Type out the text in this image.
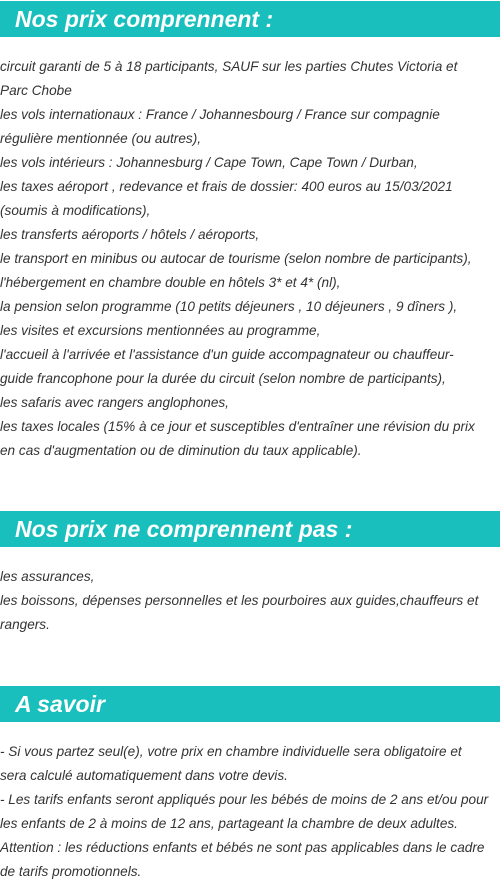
Nos prix comprennent :
circuit garanti de 5 à 18 participants, SAUF sur les parties Chutes Victoria et
Parc Chobe
les vols internationaux : France / Johannesbourg / France sur compagnie
régulière mentionnée (ou autres),
les vols intérieurs : Johannesburg / Cape Town, Cape Town / Durban,
les taxes aéroport , redevance et frais de dossier: 400 euros au 15/03/2021
(soumis à modifications),
les transferts aéroports / hôtels / aéroports,
le transport en minibus ou autocar de tourisme (selon nombre de participants),
l'hébergement en chambre double en hôtels 3* et 4* (nl),
la pension selon programme (10 petits déjeuners , 10 déjeuners , 9 dîners ),
les visites et excursions mentionnées au programme,
l'accueil à l'arrivée et l'assistance d'un guide accompagnateur ou chauffeur-
guide francophone pour la durée du circuit (selon nombre de participants),
les safaris avec rangers anglophones,
les taxes locales (15% à ce jour et susceptibles d'entraîner une révision du prix
en cas d'augmentation ou de diminution du taux applicable).
Nos prix ne comprennent pas :
les assurances,
les boissons, dépenses personnelles et les pourboires aux guides,chauffeurs et
rangers.
A savoir
- Si vous partez seul(e), votre prix en chambre individuelle sera obligatoire et
sera calculé automatiquement dans votre devis.
- Les tarifs enfants seront appliqués pour les bébés de moins de 2 ans et/ou pour
les enfants de 2 à moins de 12 ans, partageant la chambre de deux adultes.
Attention : les réductions enfants et bébés ne sont pas applicables dans le cadre
de tarifs promotionnels.
